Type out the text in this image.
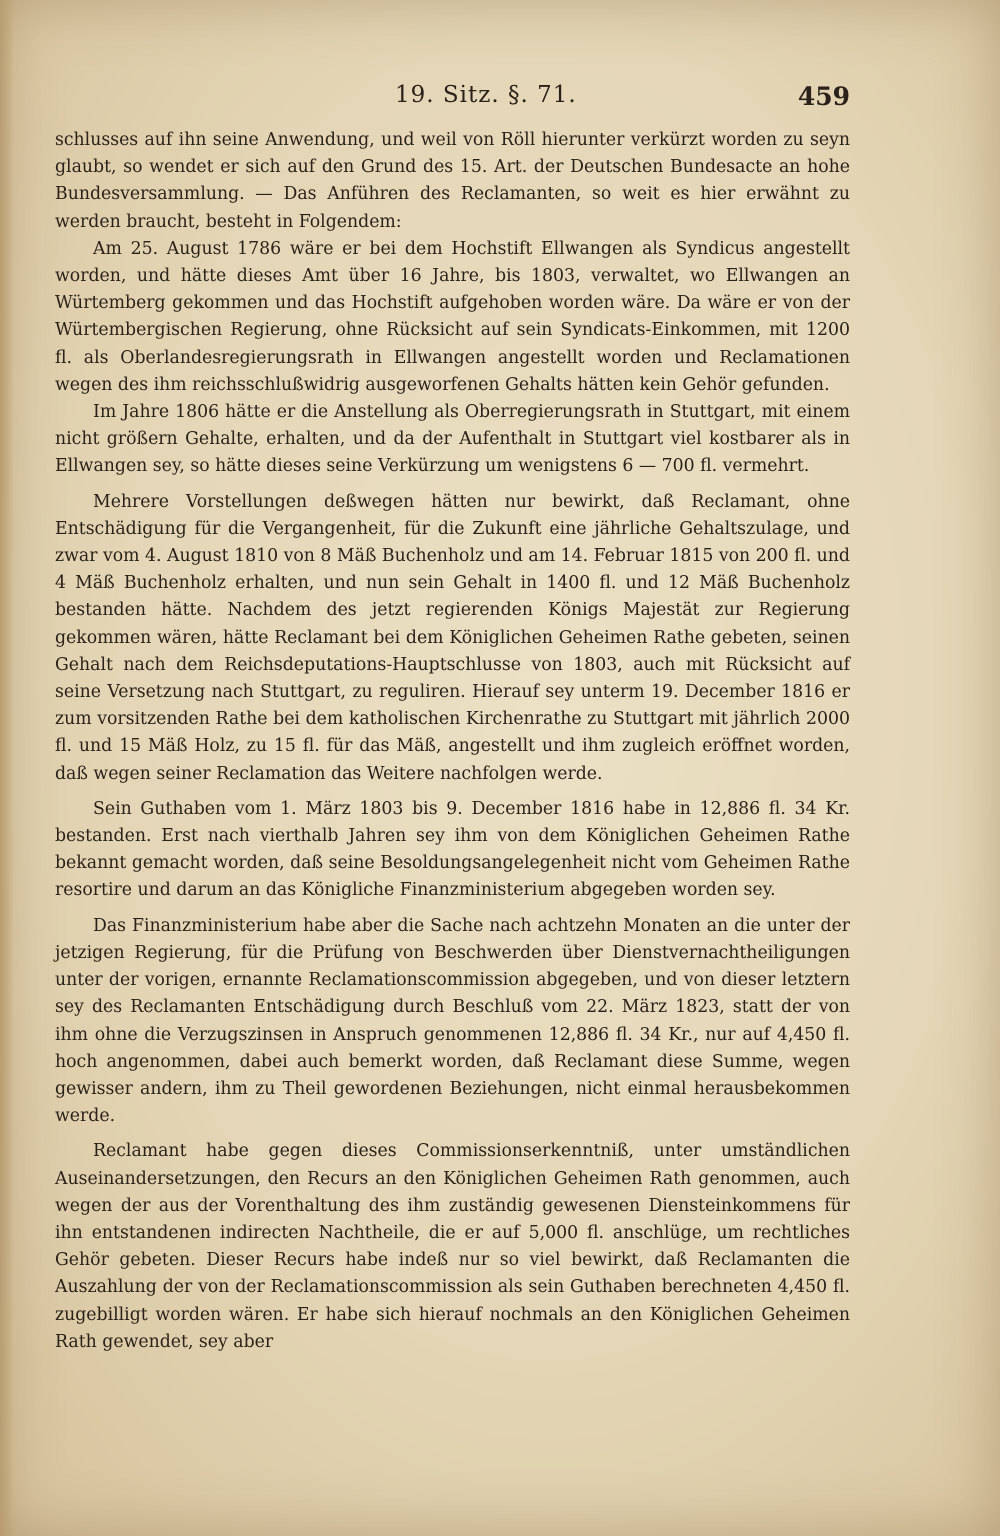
19. Sitz. §. 71.	459

schlusses auf ihn seine Anwendung, und weil von Röll hierunter verkürzt worden zu seyn glaubt, so wendet er sich auf den Grund des 15. Art. der Deutschen Bundesacte an hohe Bundesversammlung. — Das Anführen des Reclamanten, so weit es hier erwähnt zu werden braucht, besteht in Folgendem:

Am 25. August 1786 wäre er bei dem Hochstift Ellwangen als Syndicus angestellt worden, und hätte dieses Amt über 16 Jahre, bis 1803, verwaltet, wo Ellwangen an Würtemberg gekommen und das Hochstift aufgehoben worden wäre. Da wäre er von der Würtembergischen Regierung, ohne Rücksicht auf sein Syndicats-Einkommen, mit 1200 fl. als Oberlandesregierungsrath in Ellwangen angestellt worden und Reclamationen wegen des ihm reichsschlußwidrig ausgeworfenen Gehalts hätten kein Gehör gefunden.

Im Jahre 1806 hätte er die Anstellung als Oberregierungsrath in Stuttgart, mit einem nicht größern Gehalte, erhalten, und da der Aufenthalt in Stuttgart viel kostbarer als in Ellwangen sey, so hätte dieses seine Verkürzung um wenigstens 6 — 700 fl. vermehrt.

Mehrere Vorstellungen deßwegen hätten nur bewirkt, daß Reclamant, ohne Entschädigung für die Vergangenheit, für die Zukunft eine jährliche Gehaltszulage, und zwar vom 4. August 1810 von 8 Mäß Buchenholz und am 14. Februar 1815 von 200 fl. und 4 Mäß Buchenholz erhalten, und nun sein Gehalt in 1400 fl. und 12 Mäß Buchenholz bestanden hätte. Nachdem des jetzt regierenden Königs Majestät zur Regierung gekommen wären, hätte Reclamant bei dem Königlichen Geheimen Rathe gebeten, seinen Gehalt nach dem Reichsdeputations-Hauptschlusse von 1803, auch mit Rücksicht auf seine Versetzung nach Stuttgart, zu reguliren. Hierauf sey unterm 19. December 1816 er zum vorsitzenden Rathe bei dem katholischen Kirchenrathe zu Stuttgart mit jährlich 2000 fl. und 15 Mäß Holz, zu 15 fl. für das Mäß, angestellt und ihm zugleich eröffnet worden, daß wegen seiner Reclamation das Weitere nachfolgen werde.

Sein Guthaben vom 1. März 1803 bis 9. December 1816 habe in 12,886 fl. 34 Kr. bestanden. Erst nach vierthalb Jahren sey ihm von dem Königlichen Geheimen Rathe bekannt gemacht worden, daß seine Besoldungsangelegenheit nicht vom Geheimen Rathe resortire und darum an das Königliche Finanzministerium abgegeben worden sey.

Das Finanzministerium habe aber die Sache nach achtzehn Monaten an die unter der jetzigen Regierung, für die Prüfung von Beschwerden über Dienstvernachtheiligungen unter der vorigen, ernannte Reclamationscommission abgegeben, und von dieser letztern sey des Reclamanten Entschädigung durch Beschluß vom 22. März 1823, statt der von ihm ohne die Verzugszinsen in Anspruch genommenen 12,886 fl. 34 Kr., nur auf 4,450 fl. hoch angenommen, dabei auch bemerkt worden, daß Reclamant diese Summe, wegen gewisser andern, ihm zu Theil gewordenen Beziehungen, nicht einmal herausbekommen werde.

Reclamant habe gegen dieses Commissionserkenntniß, unter umständlichen Auseinandersetzungen, den Recurs an den Königlichen Geheimen Rath genommen, auch wegen der aus der Vorenthaltung des ihm zuständig gewesenen Diensteinkommens für ihn entstandenen indirecten Nachtheile, die er auf 5,000 fl. anschlüge, um rechtliches Gehör gebeten. Dieser Recurs habe indeß nur so viel bewirkt, daß Reclamanten die Auszahlung der von der Reclamationscommission als sein Guthaben berechneten 4,450 fl. zugebilligt worden wären. Er habe sich hierauf nochmals an den Königlichen Geheimen Rath gewendet, sey aber
